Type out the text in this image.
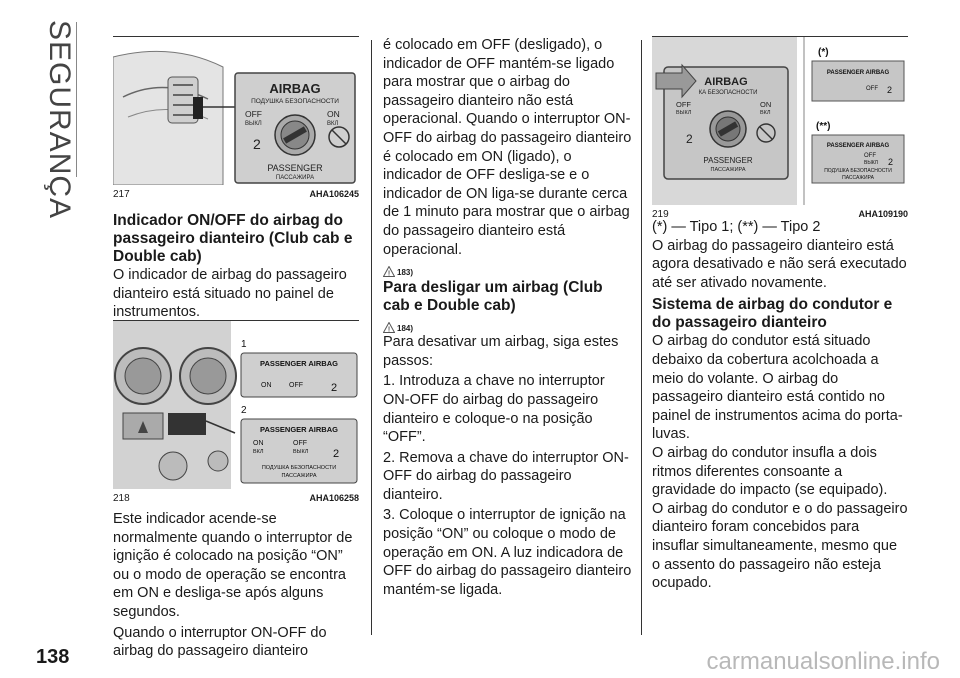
SEGURANÇA	AIRBAG
ПОДУШКА БЕЗОПАСНОСТИ
OFF
ВЫКЛ
ON
ВКЛ
2
PASSENGER
ПАССАЖИРА
217	AHA106245
Indicador ON/OFF do airbag do passageiro dianteiro (Club cab e Double cab)

O indicador de airbag do passageiro dianteiro está situado no painel de instrumentos.

1
PASSENGER AIRBAG
ON	OFF	2
2
PASSENGER AIRBAG
ON
ВКЛ
OFF
ВЫКЛ 2
ПОДУШКА БЕЗОПАСНОСТИ
ПАССАЖИРА
218	AHA106258

Este indicador acende-se normalmente quando o interruptor de ignição é colocado na posição “ON” ou o modo de operação se encontra em ON e desliga-se após alguns segundos.

Quando o interruptor ON-OFF do airbag do passageiro dianteiro

é colocado em OFF (desligado), o indicador de OFF mantém-se ligado para mostrar que o airbag do passageiro dianteiro não está operacional. Quando o interruptor ON-OFF do airbag do passageiro dianteiro é colocado em ON (ligado), o indicador de OFF desliga-se e o indicador de ON liga-se durante cerca de 1 minuto para mostrar que o airbag do passageiro dianteiro está operacional.

! 183)
Para desligar um airbag (Club cab e Double cab)
! 184)

Para desativar um airbag, siga estes passos:

1. Introduza a chave no interruptor ON-OFF do airbag do passageiro dianteiro e coloque-o na posição “OFF”.

2. Remova a chave do interruptor ON-OFF do airbag do passageiro dianteiro.

3. Coloque o interruptor de ignição na posição “ON” ou coloque o modo de operação em ON. A luz indicadora de OFF do airbag do passageiro dianteiro mantém-se ligada.

AIRBAG
КА БЕЗОПАСНОСТИ
OFF
ВЫКЛ
ON
ВКЛ
2
PASSENGER
ПАССАЖИРА
(*)
PASSENGER AIRBAG
OFF 2
(**)
PASSENGER AIRBAG
OFF
ВЫКЛ 2
ПОДУШКА БЕЗОПАСНОСТИ
ПАССАЖИРА
219	AHA109190

(*) — Tipo 1; (**) — Tipo 2

O airbag do passageiro dianteiro está agora desativado e não será executado até ser ativado novamente.

Sistema de airbag do condutor e do passageiro dianteiro

O airbag do condutor está situado debaixo da cobertura acolchoada a meio do volante. O airbag do passageiro dianteiro está contido no painel de instrumentos acima do porta-luvas.

O airbag do condutor insufla a dois ritmos diferentes consoante a gravidade do impacto (se equipado).

O airbag do condutor e o do passageiro dianteiro foram concebidos para insuflar simultaneamente, mesmo que o assento do passageiro não esteja ocupado.

138	carmanualsonline.info
